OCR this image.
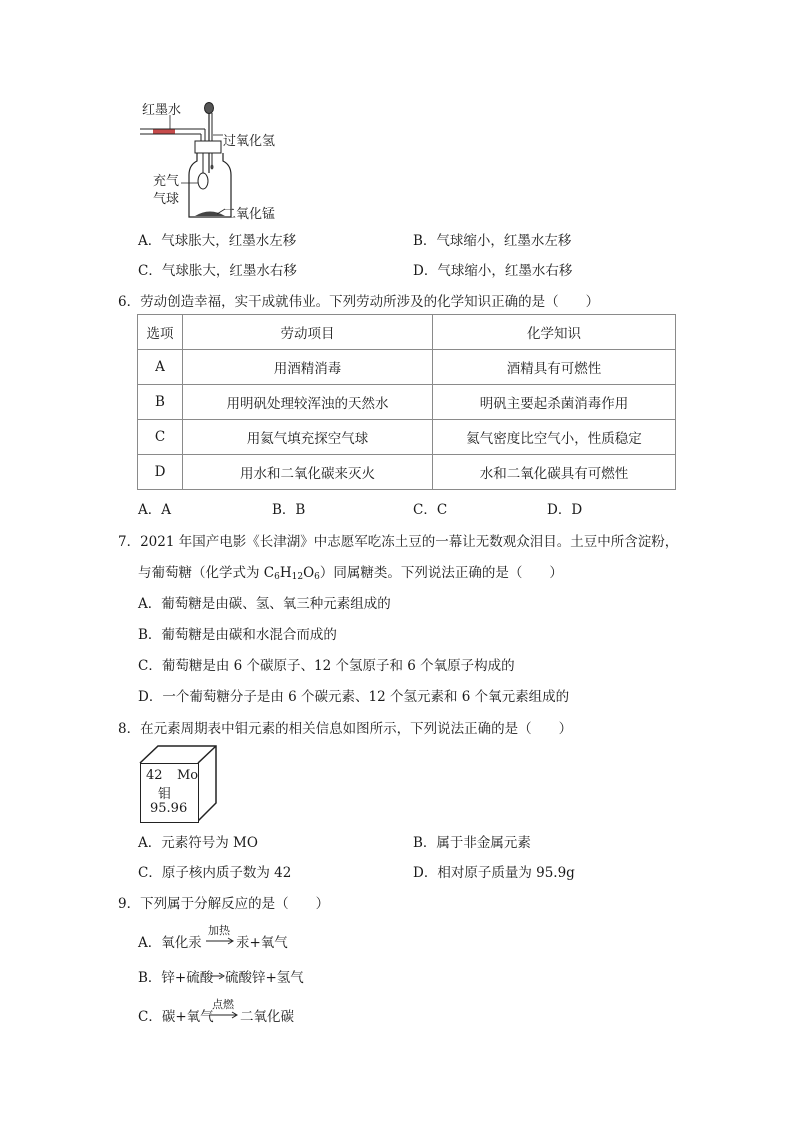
红墨水
过氧化氢
充气
气球
二氧化锰
A．气球胀大，红墨水左移	B．气球缩小，红墨水左移
C．气球胀大，红墨水右移	D．气球缩小，红墨水右移
6．劳动创造幸福，实干成就伟业。下列劳动所涉及的化学知识正确的是（　　）
选项	劳动项目	化学知识
A	用酒精消毒	酒精具有可燃性
B	用明矾处理较浑浊的天然水	明矾主要起杀菌消毒作用
C	用氦气填充探空气球	氦气密度比空气小，性质稳定
D	用水和二氧化碳来灭火	水和二氧化碳具有可燃性
A．A	B．B	C．C	D．D
7．2021 年国产电影《长津湖》中志愿军吃冻土豆的一幕让无数观众泪目。土豆中所含淀粉，
与葡萄糖（化学式为 $C_6H_{12}O_6$）同属糖类。下列说法正确的是（　　）
A．葡萄糖是由碳、氢、氧三种元素组成的
B．葡萄糖是由碳和水混合而成的
C．葡萄糖是由 6 个碳原子、12 个氢原子和 6 个氧原子构成的
D．一个葡萄糖分子是由 6 个碳元素、12 个氢元素和 6 个氧元素组成的
8．在元素周期表中钼元素的相关信息如图所示，下列说法正确的是（　　）
42 Mo
钼
95.96
A．元素符号为 MO	B．属于非金属元素
C．原子核内质子数为 42	D．相对原子质量为 95.9g
9．下列属于分解反应的是（　　）
A．氧化汞
加热
→ 汞+氧气
B．锌+硫酸 → 硫酸锌+氢气
C．碳+氧气
点燃
→ 二氧化碳
